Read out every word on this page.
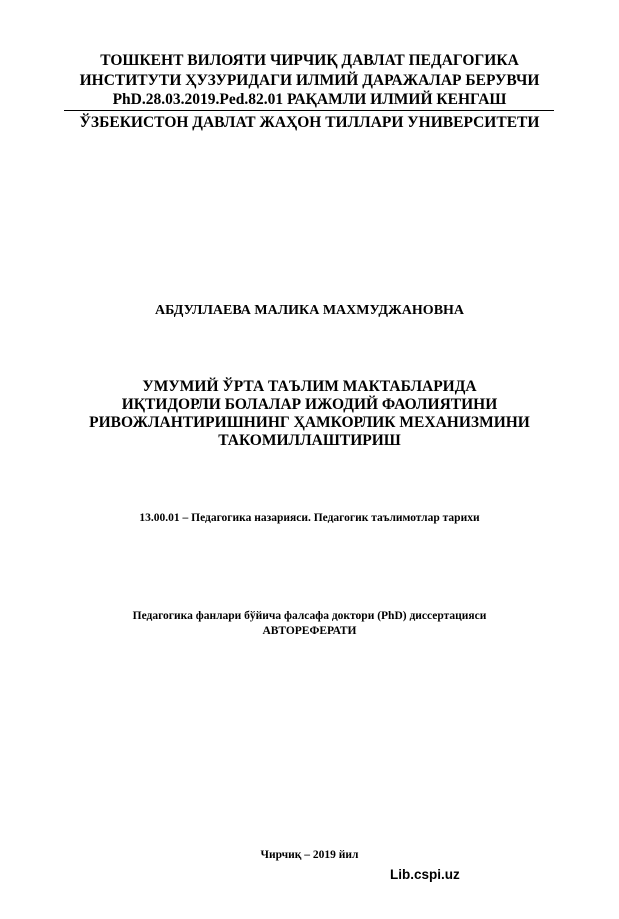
ТОШКЕНТ ВИЛОЯТИ ЧИРЧИҚ ДАВЛАТ ПЕДАГОГИКА
ИНСТИТУТИ ҲУЗУРИДАГИ ИЛМИЙ ДАРАЖАЛАР БЕРУВЧИ
PhD.28.03.2019.Ped.82.01 РАҚАМЛИ ИЛМИЙ КЕНГАШ
ЎЗБЕКИСТОН ДАВЛАТ ЖАҲОН ТИЛЛАРИ УНИВЕРСИТЕТИ
АБДУЛЛАЕВА МАЛИКА МАХМУДЖАНОВНА
УМУМИЙ ЎРТА ТАЪЛИМ МАКТАБЛАРИДА
ИҚТИДОРЛИ БОЛАЛАР ИЖОДИЙ ФАОЛИЯТИНИ
РИВОЖЛАНТИРИШНИНГ ҲАМКОРЛИК МЕХАНИЗМИНИ
ТАКОМИЛЛАШТИРИШ
13.00.01 – Педагогика назарияси. Педагогик таълимотлар тарихи
Педагогика фанлари бўйича фалсафа доктори (PhD) диссертацияси
АВТОРЕФЕРАТИ
Чирчиқ – 2019 йил
Lib.cspi.uz
